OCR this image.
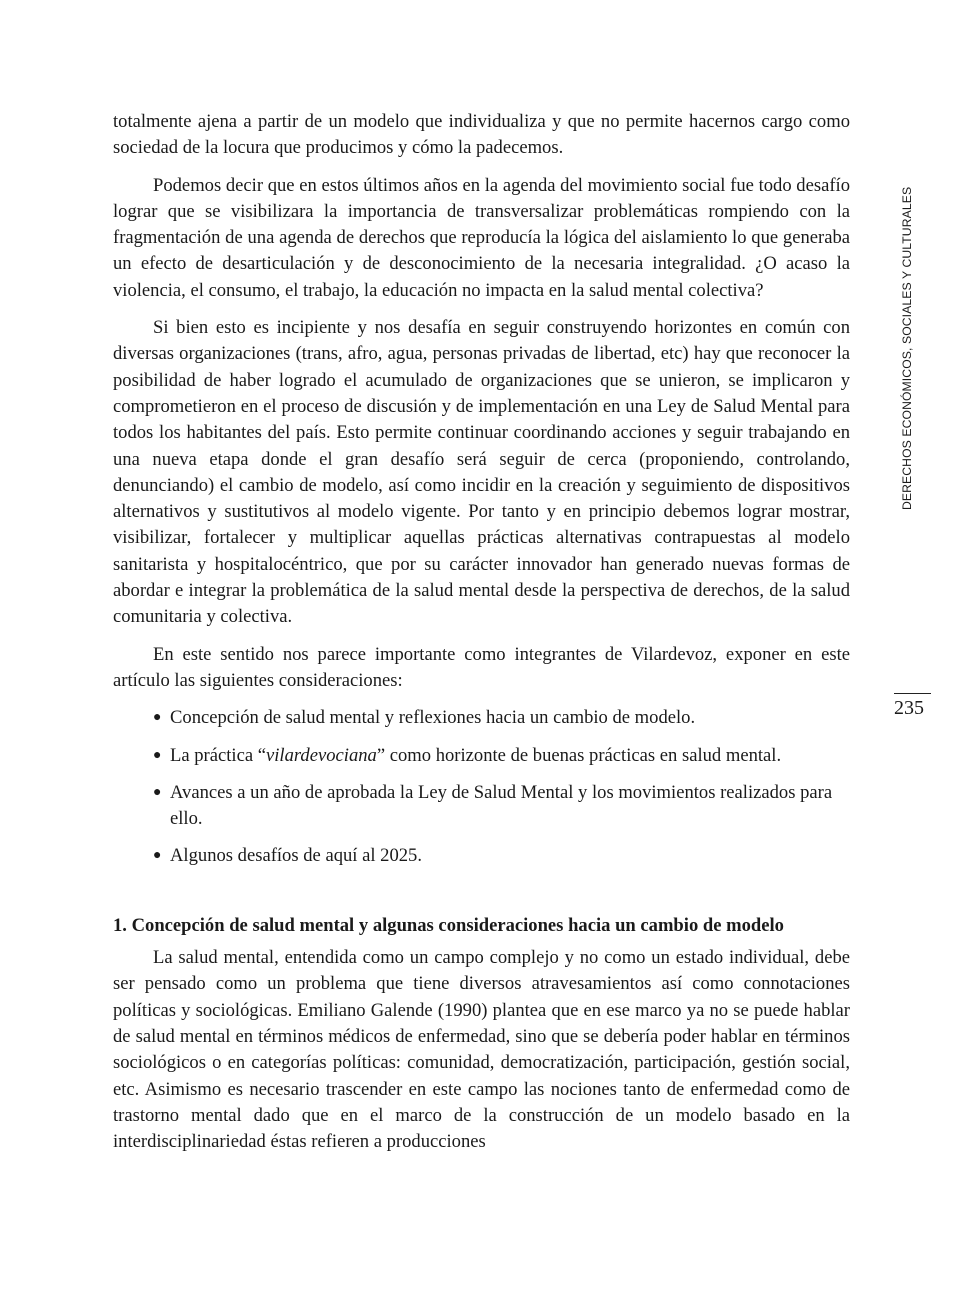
totalmente ajena a partir de un modelo que individualiza y que no permite hacernos cargo como sociedad de la locura que producimos y cómo la padecemos.

Podemos decir que en estos últimos años en la agenda del movimiento social fue todo desafío lograr que se visibilizara la importancia de transversalizar problemáticas rompiendo con la fragmentación de una agenda de derechos que reproducía la lógica del aislamiento lo que generaba un efecto de desarticulación y de desconocimiento de la necesaria integralidad. ¿O acaso la violencia, el consumo, el trabajo, la educación no impacta en la salud mental colectiva?

Si bien esto es incipiente y nos desafía en seguir construyendo horizontes en común con diversas organizaciones (trans, afro, agua, personas privadas de libertad, etc) hay que reconocer la posibilidad de haber logrado el acumulado de organizaciones que se unieron, se implicaron y comprometieron en el proceso de discusión y de implementación en una Ley de Salud Mental para todos los habitantes del país. Esto permite continuar coordinando acciones y seguir trabajando en una nueva etapa donde el gran desafío será seguir de cerca (proponiendo, controlando, denunciando) el cambio de modelo, así como incidir en la creación y seguimiento de dispositivos alternativos y sustitutivos al modelo vigente. Por tanto y en principio debemos lograr mostrar, visibilizar, fortalecer y multiplicar aquellas prácticas alternativas contrapuestas al modelo sanitarista y hospitalocéntrico, que por su carácter innovador han generado nuevas formas de abordar e integrar la problemática de la salud mental desde la perspectiva de derechos, de la salud comunitaria y colectiva.

En este sentido nos parece importante como integrantes de Vilardevoz, exponer en este artículo las siguientes consideraciones:

● Concepción de salud mental y reflexiones hacia un cambio de modelo.
● La práctica “vilardevociana” como horizonte de buenas prácticas en salud mental.
● Avances a un año de aprobada la Ley de Salud Mental y los movimientos realizados para ello.
● Algunos desafíos de aquí al 2025.
1. Concepción de salud mental y algunas consideraciones hacia un cambio de modelo

La salud mental, entendida como un campo complejo y no como un estado individual, debe ser pensado como un problema que tiene diversos atravesamientos así como connotaciones políticas y sociológicas. Emiliano Galende (1990) plantea que en ese marco ya no se puede hablar de salud mental en términos médicos de enfermedad, sino que se debería poder hablar en términos sociológicos o en categorías políticas: comunidad, democratización, participación, gestión social, etc. Asimismo es necesario trascender en este campo las nociones tanto de enfermedad como de trastorno mental dado que en el marco de la construcción de un modelo basado en la interdisciplinariedad éstas refieren a producciones

DERECHOS ECONÓMICOS, SOCIALES Y CULTURALES
235
